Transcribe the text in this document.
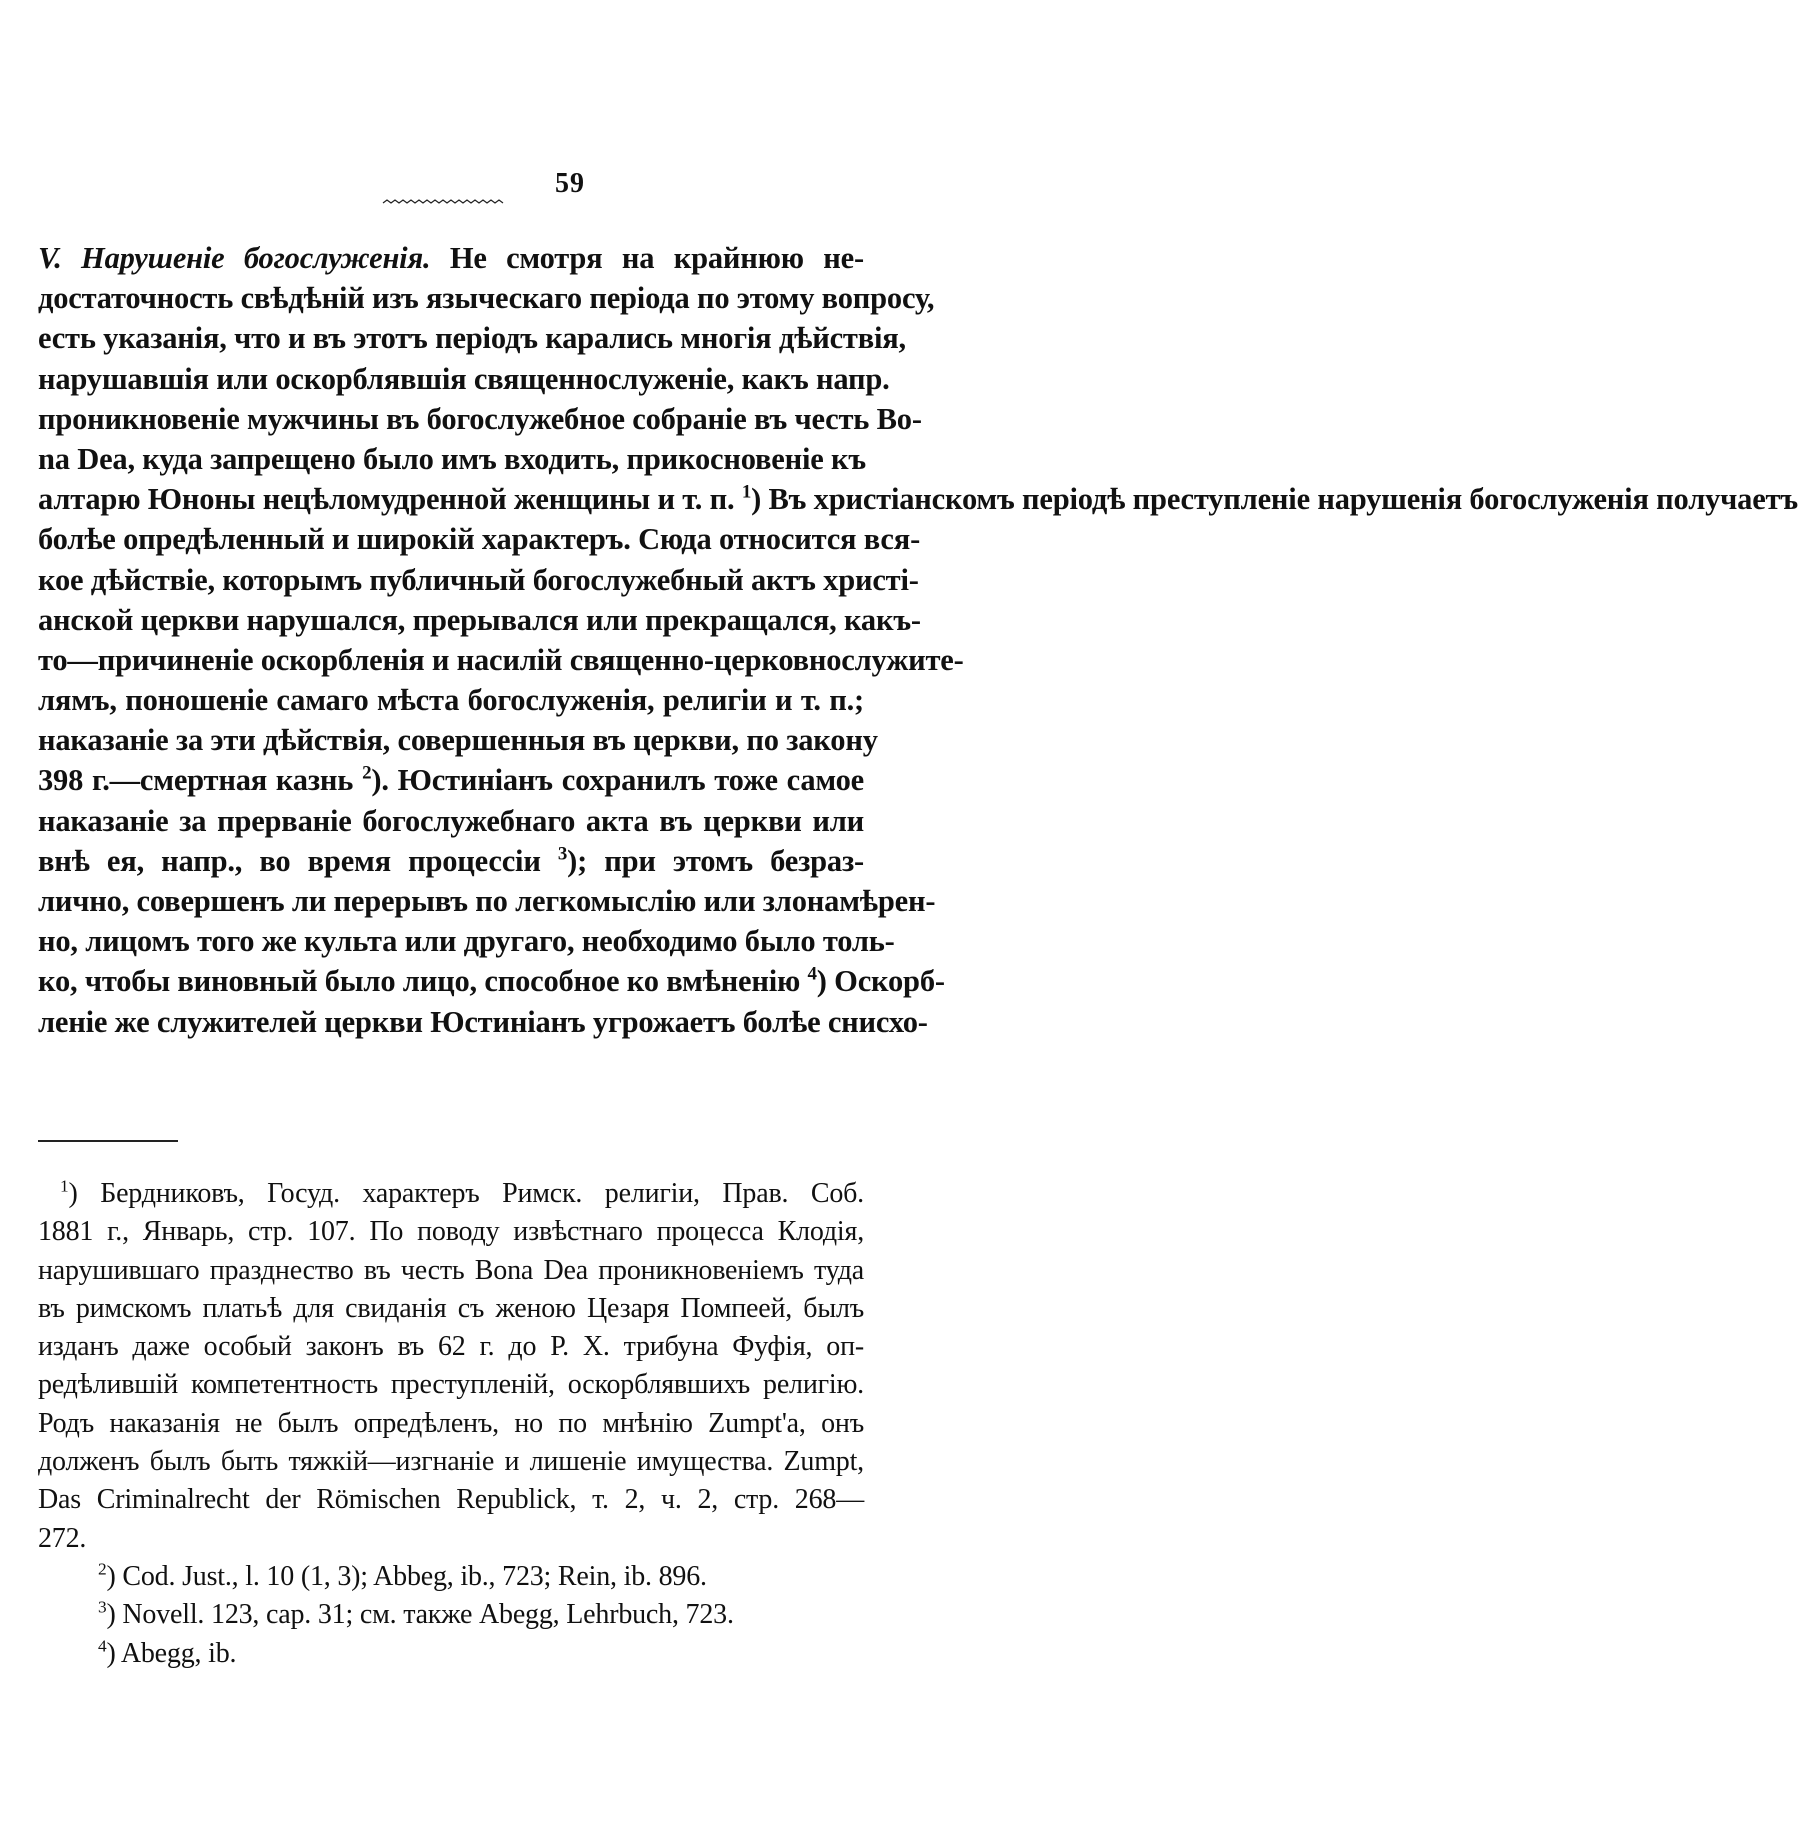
59
V. Нарушеніе богослуженія. Не смотря на крайнюю не-
достаточность свѣдѣній изъ языческаго періода по этому вопросу,
есть указанія, что и въ этотъ періодъ карались многія дѣйствія,
нарушавшія или оскорблявшія священнослуженіе, какъ напр.
проникновеніе мужчины въ богослужебное собраніе въ честь Во-
na Dea, куда запрещено было имъ входить, прикосновеніе къ
алтарю Юноны нецѣломудренной женщины и т. п. $^1$) Въ христіанскомъ періодѣ преступленіе нарушенія богослуженія получаетъ
болѣе опредѣленный и широкій характеръ. Сюда относится вся-
кое дѣйствіе, которымъ публичный богослужебный актъ христі-
анской церкви нарушался, прерывался или прекращался, какъ-
то—причиненіе оскорбленія и насилій священно-церковнослужите-
лямъ, поношеніе самаго мѣста богослуженія, религіи и т. п.;
наказаніе за эти дѣйствія, совершенныя въ церкви, по закону
398 г.—смертная казнь $^2$). Юстиніанъ сохранилъ тоже самое
наказаніе за прерваніе богослужебнаго акта въ церкви или
внѣ ея, напр., во время процессіи $^3$); при этомъ безраз-
лично, совершенъ ли перерывъ по легкомыслію или злонамѣрен-
но, лицомъ того же культа или другаго, необходимо было толь-
ко, чтобы виновный было лицо, способное ко вмѣненію $^4$) Оскорб-
леніе же служителей церкви Юстиніанъ угрожаетъ болѣе снисхо-
$^1$) Бердниковъ, Госуд. характеръ Римск. религіи, Прав. Соб.
1881 г., Январь, стр. 107. По поводу извѣстнаго процесса Клодія,
нарушившаго празднество въ честь Bona Dea проникновеніемъ туда
въ римскомъ платьѣ для свиданія съ женою Цезаря Помпеей, былъ
изданъ даже особый законъ въ 62 г. до Р. Х. трибуна Фуфія, оп-
редѣлившій компетентность преступленій, оскорблявшихъ религію.
Родъ наказанія не былъ опредѣленъ, но по мнѣнію Zumpt'a, онъ
долженъ былъ быть тяжкій—изгнаніе и лишеніе имущества. Zumpt,
Das Criminalrecht der Römischen Republick, т. 2, ч. 2, стр. 268—
272.
$^2$) Cod. Just., l. 10 (1, 3); Abbeg, ib., 723; Rein, ib. 896.
$^3$) Novell. 123, cap. 31; см. также Abegg, Lehrbuch, 723.
$^4$) Abegg, ib.
